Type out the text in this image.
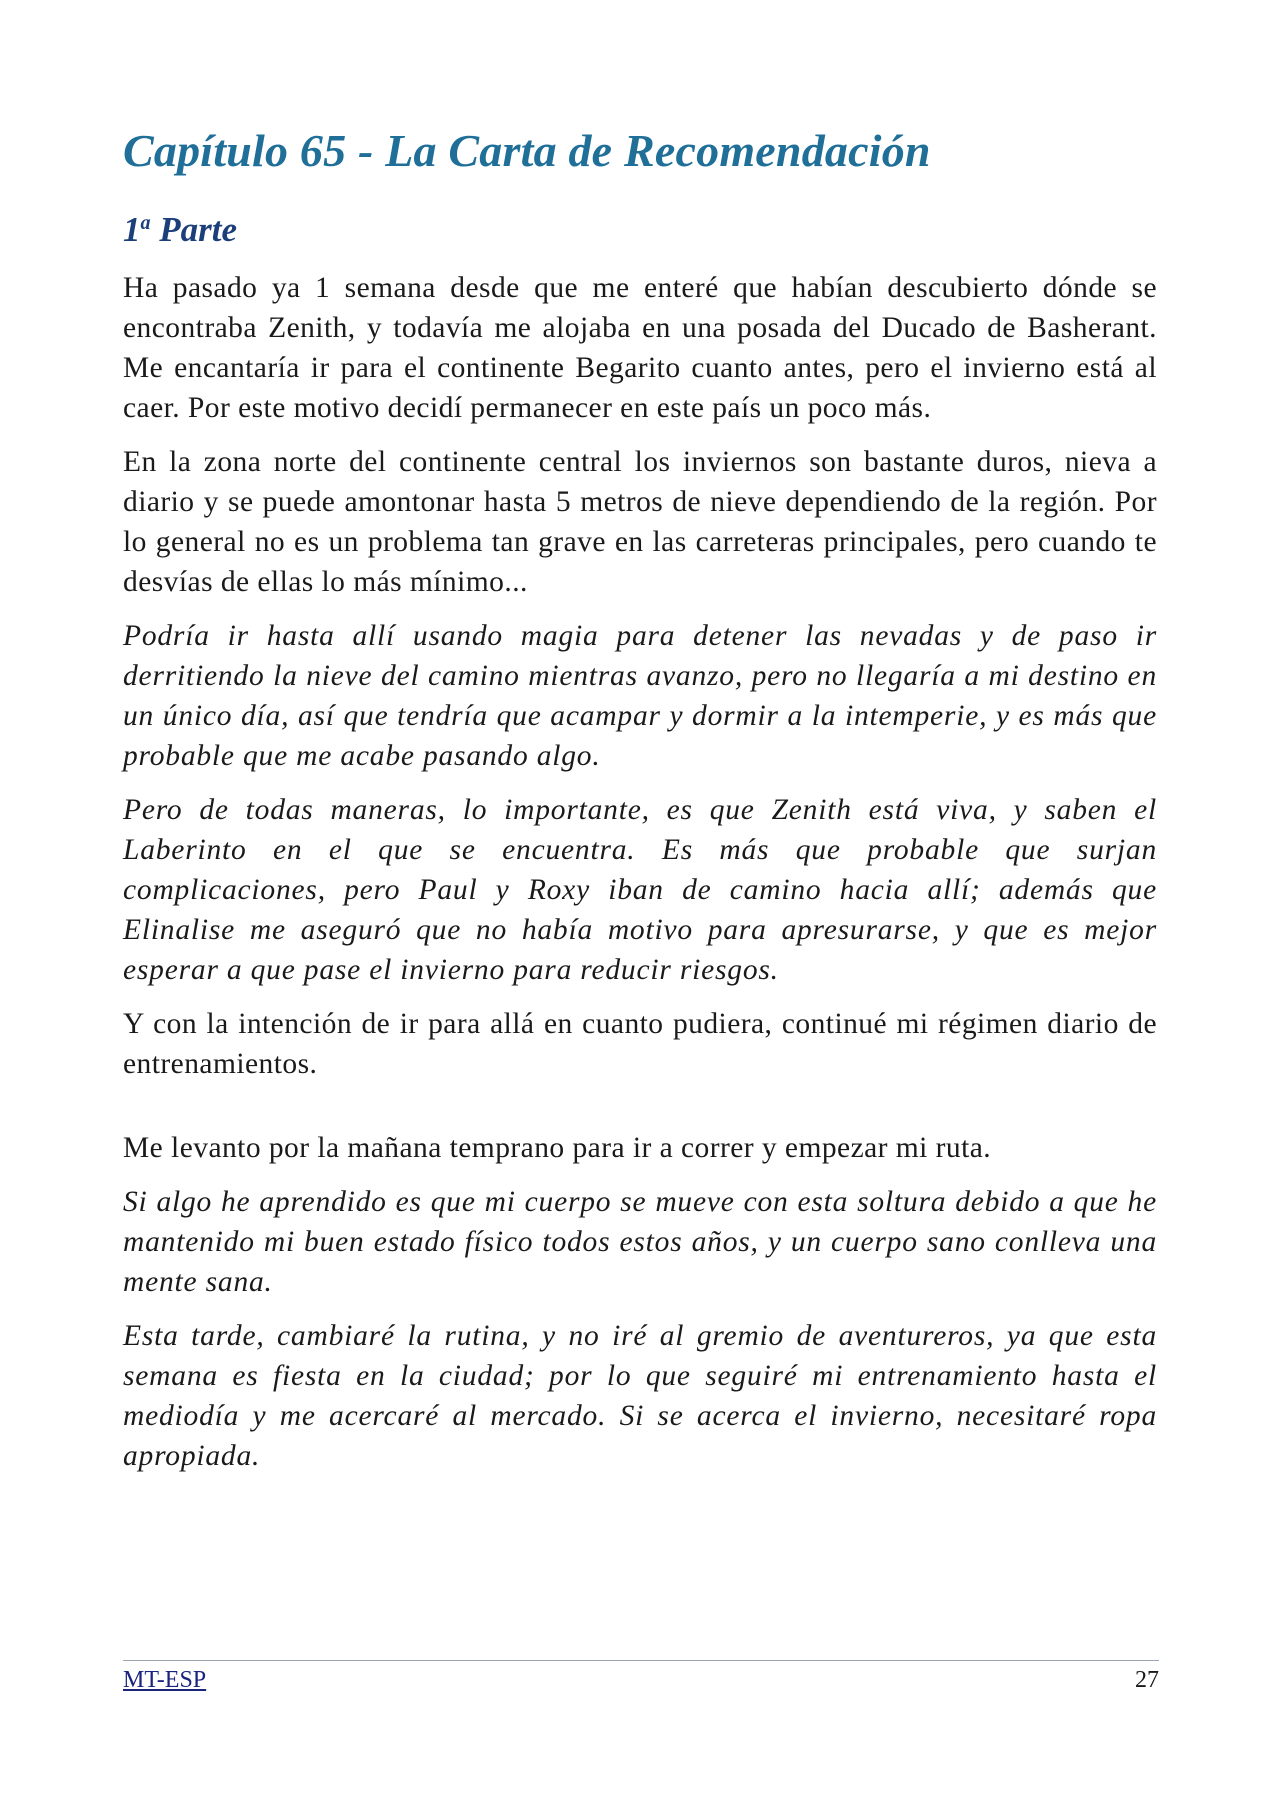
Capítulo 65 - La Carta de Recomendación
1$^a$ Parte

Ha pasado ya 1 semana desde que me enteré que habían descubierto dónde se encontraba Zenith, y todavía me alojaba en una posada del Ducado de Basherant. Me encantaría ir para el continente Begarito cuanto antes, pero el invierno está al caer. Por este motivo decidí permanecer en este país un poco más.

En la zona norte del continente central los inviernos son bastante duros, nieva a diario y se puede amontonar hasta 5 metros de nieve dependiendo de la región. Por lo general no es un problema tan grave en las carreteras principales, pero cuando te desvías de ellas lo más mínimo...

Podría ir hasta allí usando magia para detener las nevadas y de paso ir derritiendo la nieve del camino mientras avanzo, pero no llegaría a mi destino en un único día, así que tendría que acampar y dormir a la intemperie, y es más que probable que me acabe pasando algo.

Pero de todas maneras, lo importante, es que Zenith está viva, y saben el Laberinto en el que se encuentra. Es más que probable que surjan complicaciones, pero Paul y Roxy iban de camino hacia allí; además que Elinalise me aseguró que no había motivo para apresurarse, y que es mejor esperar a que pase el invierno para reducir riesgos.

Y con la intención de ir para allá en cuanto pudiera, continué mi régimen diario de entrenamientos.

Me levanto por la mañana temprano para ir a correr y empezar mi ruta.

Si algo he aprendido es que mi cuerpo se mueve con esta soltura debido a que he mantenido mi buen estado físico todos estos años, y un cuerpo sano conlleva una mente sana.

Esta tarde, cambiaré la rutina, y no iré al gremio de aventureros, ya que esta semana es fiesta en la ciudad; por lo que seguiré mi entrenamiento hasta el mediodía y me acercaré al mercado. Si se acerca el invierno, necesitaré ropa apropiada.

MT-ESP	27
